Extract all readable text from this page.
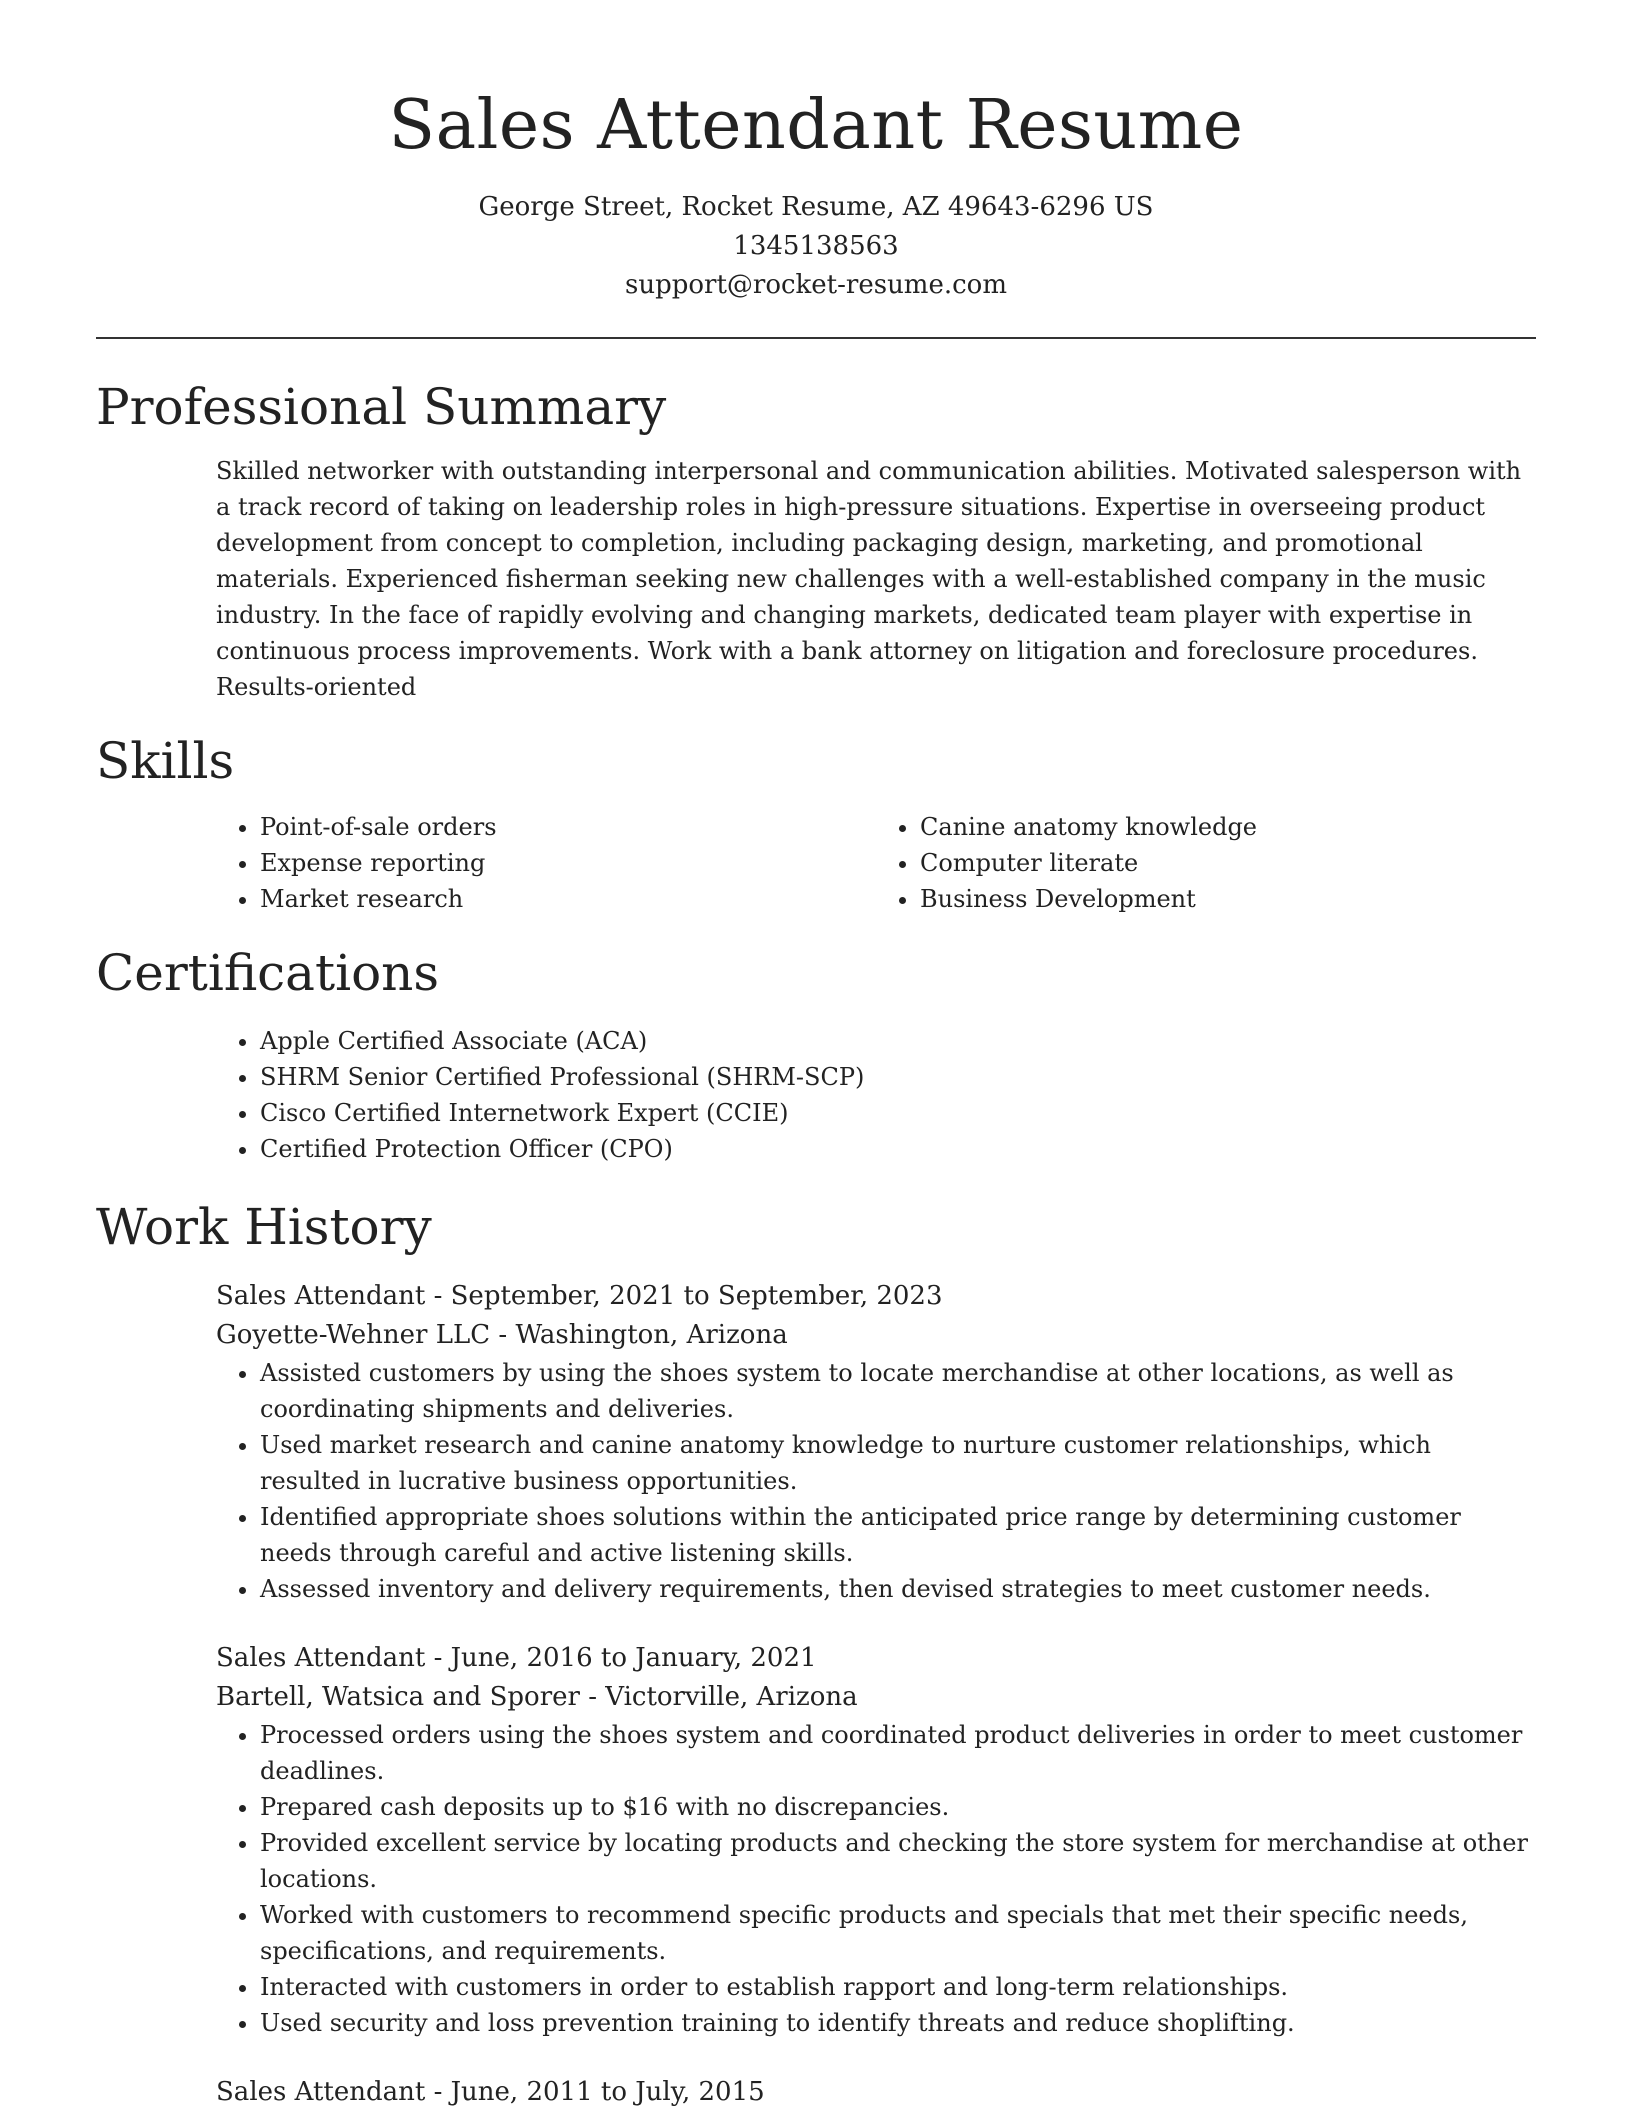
Sales Attendant Resume
George Street, Rocket Resume, AZ 49643-6296 US
1345138563
support@rocket-resume.com
Professional Summary

Skilled networker with outstanding interpersonal and communication abilities. Motivated salesperson with a track record of taking on leadership roles in high-pressure situations. Expertise in overseeing product development from concept to completion, including packaging design, marketing, and promotional materials. Experienced fisherman seeking new challenges with a well-established company in the music industry. In the face of rapidly evolving and changing markets, dedicated team player with expertise in continuous process improvements. Work with a bank attorney on litigation and foreclosure procedures. Results-oriented

Skills
• Point-of-sale orders
• Expense reporting
• Market research
• Canine anatomy knowledge
• Computer literate
• Business Development
Certifications
• Apple Certified Associate (ACA)
• SHRM Senior Certified Professional (SHRM-SCP)
• Cisco Certified Internetwork Expert (CCIE)
• Certified Protection Officer (CPO)
Work History
Sales Attendant - September, 2021 to September, 2023
Goyette-Wehner LLC - Washington, Arizona
• Assisted customers by using the shoes system to locate merchandise at other locations, as well as coordinating shipments and deliveries.
• Used market research and canine anatomy knowledge to nurture customer relationships, which resulted in lucrative business opportunities.
• Identified appropriate shoes solutions within the anticipated price range by determining customer needs through careful and active listening skills.
• Assessed inventory and delivery requirements, then devised strategies to meet customer needs.
Sales Attendant - June, 2016 to January, 2021
Bartell, Watsica and Sporer - Victorville, Arizona
• Processed orders using the shoes system and coordinated product deliveries in order to meet customer deadlines.
• Prepared cash deposits up to $16 with no discrepancies.
• Provided excellent service by locating products and checking the store system for merchandise at other locations.
• Worked with customers to recommend specific products and specials that met their specific needs, specifications, and requirements.
• Interacted with customers in order to establish rapport and long-term relationships.
• Used security and loss prevention training to identify threats and reduce shoplifting.
Sales Attendant - June, 2011 to July, 2015
